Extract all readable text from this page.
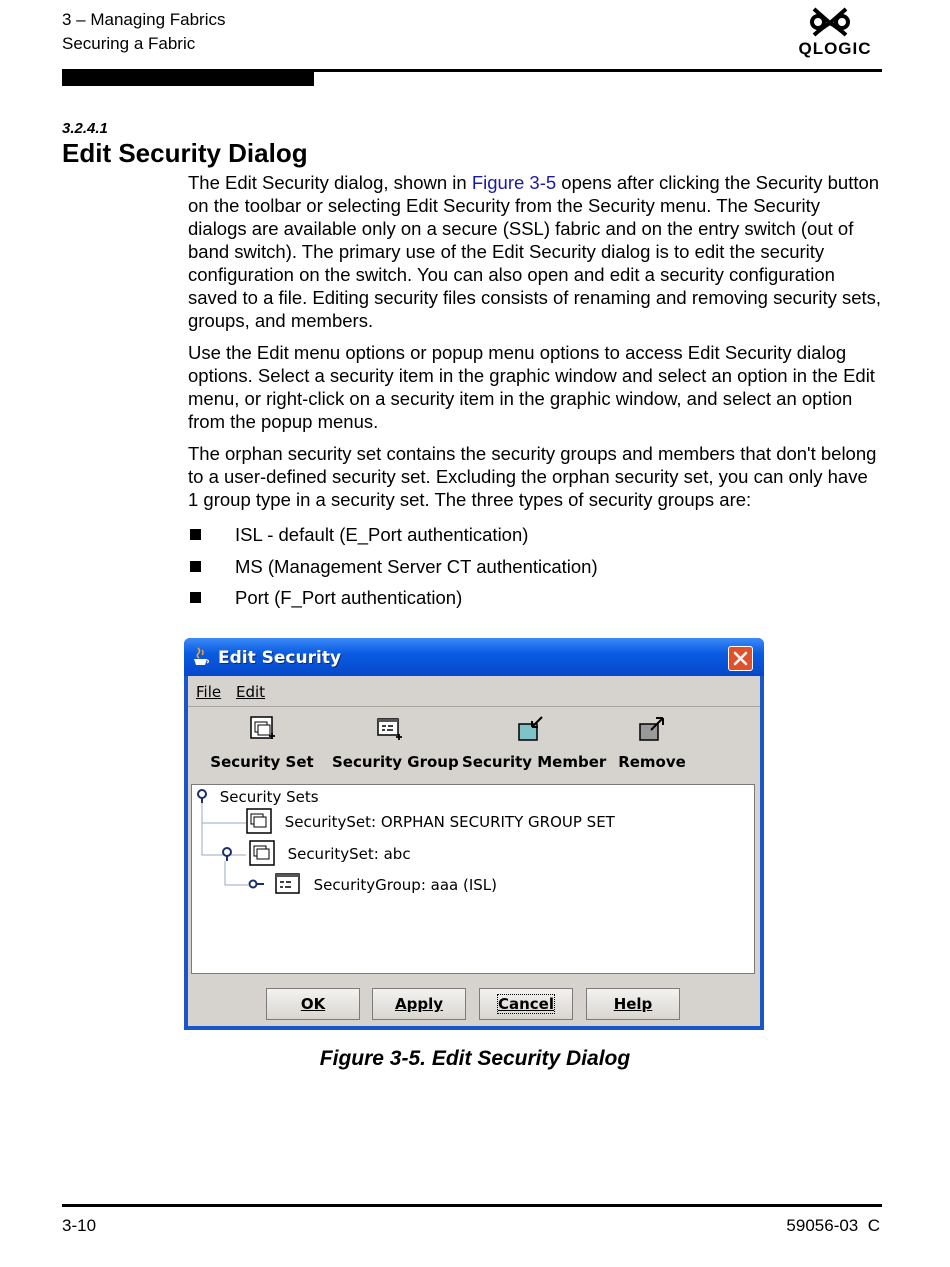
3 – Managing Fabrics
Securing a Fabric	QLOGIC
3.2.4.1
Edit Security Dialog

The Edit Security dialog, shown in Figure 3-5 opens after clicking the Security button on the toolbar or selecting Edit Security from the Security menu. The Security dialogs are available only on a secure (SSL) fabric and on the entry switch (out of band switch). The primary use of the Edit Security dialog is to edit the security configuration on the switch. You can also open and edit a security configuration saved to a file. Editing security files consists of renaming and removing security sets, groups, and members.

Use the Edit menu options or popup menu options to access Edit Security dialog options. Select a security item in the graphic window and select an option in the Edit menu, or right-click on a security item in the graphic window, and select an option from the popup menus.

The orphan security set contains the security groups and members that don't belong to a user-defined security set. Excluding the orphan security set, you can only have 1 group type in a security set. The three types of security groups are:

ISL - default (E_Port authentication)
MS (Management Server CT authentication)
Port (F_Port authentication)
Edit Security
File Edit
Security Set Security Group Security Member Remove
Security Sets
SecuritySet: ORPHAN SECURITY GROUP SET
SecuritySet: abc
SecurityGroup: aaa (ISL)
OK	Apply	Cancel	Help
Figure 3-5. Edit Security Dialog
3-10	59056-03  C
